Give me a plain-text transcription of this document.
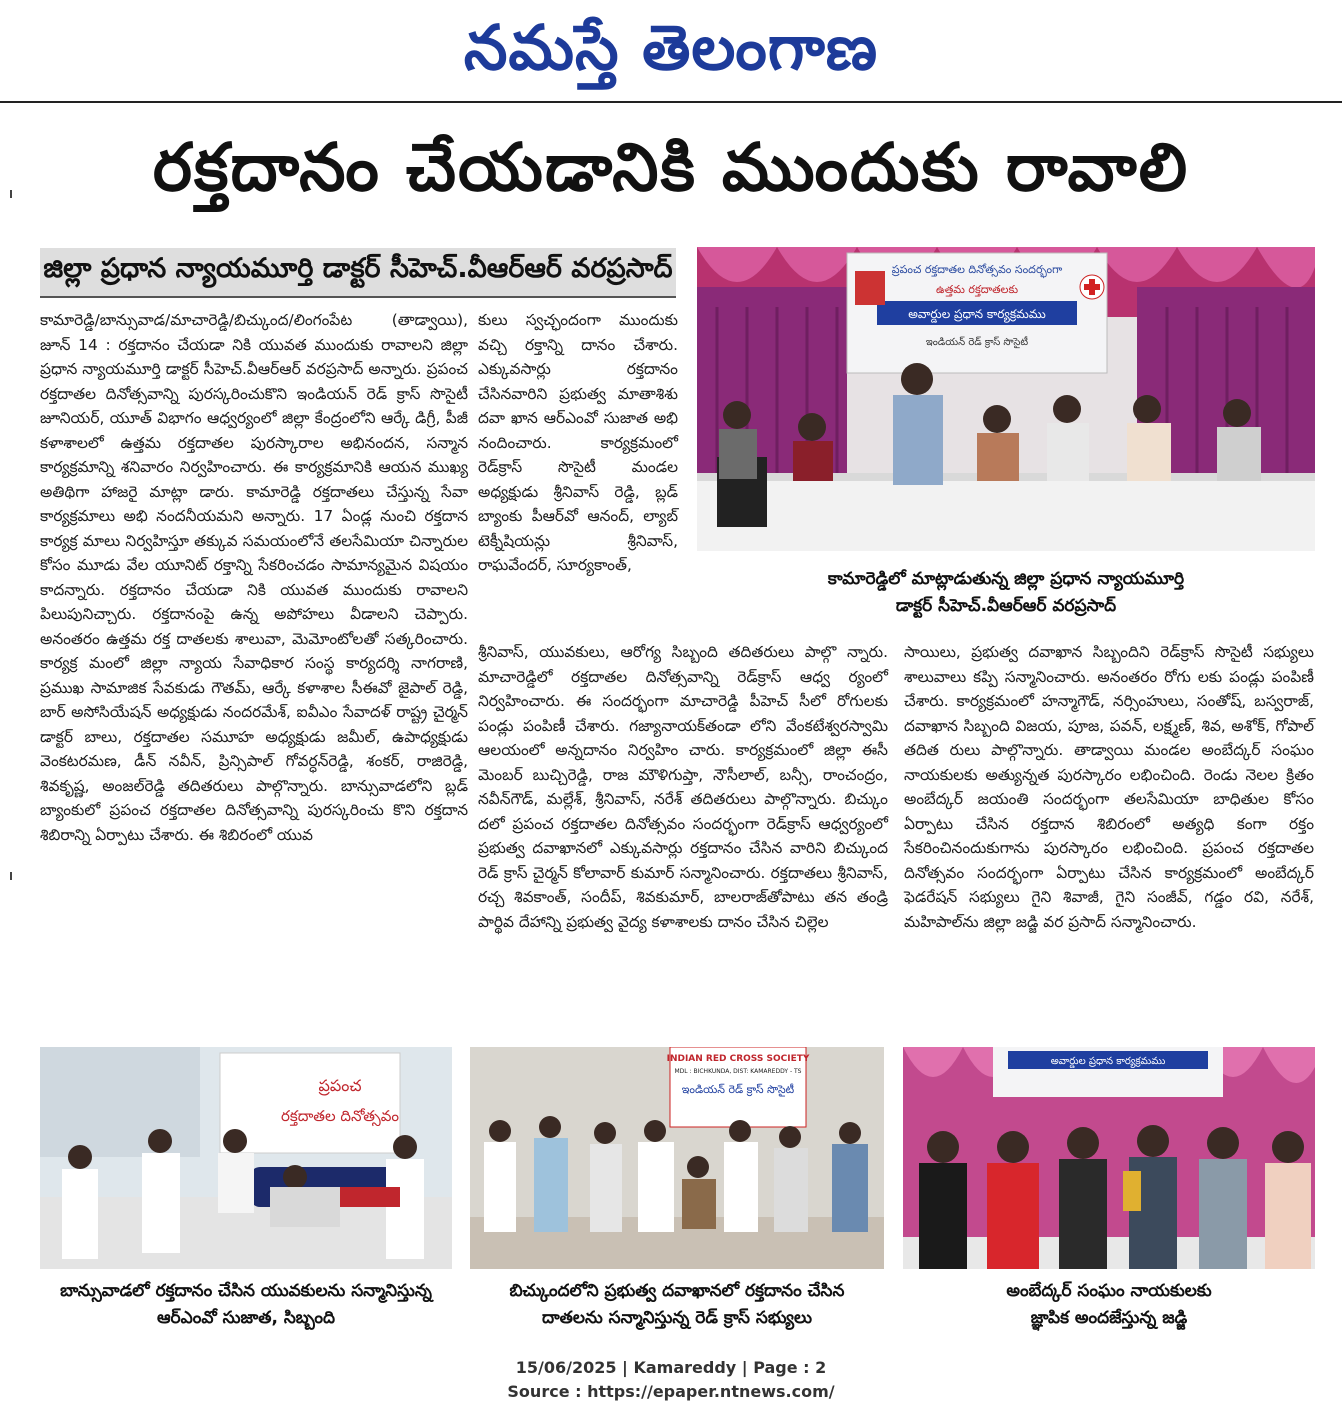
నమస్తే తెలంగాణ
రక్తదానం చేయడానికి ముందుకు రావాలి
జిల్లా ప్రధాన న్యాయమూర్తి డాక్టర్ సీహెచ్.వీఆర్ఆర్ వరప్రసాద్

కామారెడ్డి/బాన్సువాడ/మాచారెడ్డి/బిచ్కుంద/లింగంపేట (తాడ్వాయి), జూన్ 14 : రక్తదానం చేయడా నికి యువత ముందుకు రావాలని జిల్లా ప్రధాన న్యాయమూర్తి డాక్టర్ సీహెచ్.వీఆర్ఆర్ వరప్రసాద్ అన్నారు. ప్రపంచ రక్తదాతల దినోత్సవాన్ని పురస్కరించుకొని ఇండియన్ రెడ్ క్రాస్ సొసైటీ జూనియర్, యూత్ విభాగం ఆధ్వర్యంలో జిల్లా కేంద్రంలోని ఆర్కే డిగ్రీ, పీజీ కళాశాలలో ఉత్తమ రక్తదాతల పురస్కారాల అభినందన, సన్మాన కార్యక్రమాన్ని శనివారం నిర్వహించారు. ఈ కార్యక్రమానికి ఆయన ముఖ్య అతిథిగా హాజరై మాట్లా డారు. కామారెడ్డి రక్తదాతలు చేస్తున్న సేవా కార్యక్రమాలు అభి నందనీయమని అన్నారు. 17 ఏండ్ల నుంచి రక్తదాన కార్యక్ర మాలు నిర్వహిస్తూ తక్కువ సమయంలోనే తలసేమియా చిన్నారుల కోసం మూడు వేల యూనిట్ రక్తాన్ని సేకరించడం సామాన్యమైన విషయం కాదన్నారు. రక్తదానం చేయడా నికి యువత ముందుకు రావాలని పిలుపునిచ్చారు. రక్తదానంపై ఉన్న అపోహలు వీడాలని చెప్పారు. అనంతరం ఉత్తమ రక్త దాతలకు శాలువా, మెమోంటోలతో సత్కరించారు. కార్యక్ర మంలో జిల్లా న్యాయ సేవాధికార సంస్థ కార్యదర్శి నాగరాణి, ప్రముఖ సామాజిక సేవకుడు గౌతమ్, ఆర్కే కళాశాల సీఈవో జైపాల్ రెడ్డి, బార్ అసోసియేషన్ అధ్యక్షుడు నందరమేశ్, ఐవీఎం సేవాదళ్ రాష్ట్ర చైర్మన్ డాక్టర్ బాలు, రక్తదాతల సమూహ అధ్యక్షుడు జమీల్, ఉపాధ్యక్షుడు వెంకటరమణ, డీన్ నవీన్, ప్రిన్సిపాల్ గోవర్ధన్‌రెడ్డి, శంకర్, రాజిరెడ్డి, శివకృష్ణ, అంజల్‌రెడ్డి తదితరులు పాల్గొన్నారు. బాన్సువాడలోని బ్లడ్ బ్యాంకులో ప్రపంచ రక్తదాతల దినోత్సవాన్ని పురస్కరించు కొని రక్తదాన శిబిరాన్ని ఏర్పాటు చేశారు. ఈ శిబిరంలో యువ

కులు స్వచ్ఛందంగా ముందుకు వచ్చి రక్తాన్ని దానం చేశారు. ఎక్కువసార్లు రక్తదానం చేసినవారిని ప్రభుత్వ మాతాశిశు దవా ఖాన ఆర్‌ఎంవో సుజాత అభి నందించారు. కార్యక్రమంలో రెడ్‌క్రాస్ సొసైటీ మండల అధ్యక్షుడు శ్రీనివాస్ రెడ్డి, బ్లడ్ బ్యాంకు పీఆర్‌వో ఆనంద్, ల్యాబ్ టెక్నీషియన్లు శ్రీనివాస్, రాఘవేందర్, సూర్యకాంత్,

శ్రీనివాస్, యువకులు, ఆరోగ్య సిబ్బంది తదితరులు పాల్గొ న్నారు. మాచారెడ్డిలో రక్తదాతల దినోత్సవాన్ని రెడ్‌క్రాస్ ఆధ్వ ర్యంలో నిర్వహించారు. ఈ సందర్భంగా మాచారెడ్డి పీహెచ్ సీలో రోగులకు పండ్లు పంపిణీ చేశారు. గజ్యానాయక్‌తండా లోని వేంకటేశ్వరస్వామి ఆలయంలో అన్నదానం నిర్వహిం చారు. కార్యక్రమంలో జిల్లా ఈసీ మెంబర్ బుచ్చిరెడ్డి, రాజ మౌళిగుప్తా, నౌసీలాల్, బన్సీ, రాంచంద్రం, నవీన్‌గౌడ్, మల్లేశ్, శ్రీనివాస్, నరేశ్ తదితరులు పాల్గొన్నారు. బిచ్కుం దలో ప్రపంచ రక్తదాతల దినోత్సవం సందర్భంగా రెడ్‌క్రాస్ ఆధ్వర్యంలో ప్రభుత్వ దవాఖానలో ఎక్కువసార్లు రక్తదానం చేసిన వారిని బిచ్కుంద రెడ్ క్రాస్ చైర్మన్ కోలావార్ కుమార్ సన్మానించారు. రక్తదాతలు శ్రీనివాస్, రచ్చ శివకాంత్, సందీప్, శివకుమార్, బాలరాజ్‌తోపాటు తన తండ్రి పార్థివ దేహాన్ని ప్రభుత్వ వైద్య కళాశాలకు దానం చేసిన చిల్లెల

సాయిలు, ప్రభుత్వ దవాఖాన సిబ్బందిని రెడ్‌క్రాస్ సొసైటీ సభ్యులు శాలువాలు కప్పి సన్మానించారు. అనంతరం రోగు లకు పండ్లు పంపిణీ చేశారు. కార్యక్రమంలో హన్మాగౌడ్, నర్సింహులు, సంతోష్, బస్వరాజ్, దవాఖాన సిబ్బంది విజయ, పూజ, పవన్, లక్ష్మణ్, శివ, అశోక్, గోపాల్ తదిత రులు పాల్గొన్నారు. తాడ్వాయి మండల అంబేద్కర్ సంఘం నాయకులకు అత్యున్నత పురస్కారం లభించింది. రెండు నెలల క్రితం అంబేద్కర్ జయంతి సందర్భంగా తలసేమియా బాధితుల కోసం ఏర్పాటు చేసిన రక్తదాన శిబిరంలో అత్యధి కంగా రక్తం సేకరించినందుకుగాను పురస్కారం లభించింది. ప్రపంచ రక్తదాతల దినోత్సవం సందర్భంగా ఏర్పాటు చేసిన కార్యక్రమంలో అంబేద్కర్ ఫెడరేషన్ సభ్యులు గైని శివాజీ, గైని సంజీవ్, గడ్డం రవి, నరేశ్, మహిపాల్‌ను జిల్లా జడ్జి వర ప్రసాద్ సన్మానించారు.

ప్రపంచ రక్తదాతల దినోత్సవం సందర్భంగా
ఉత్తమ రక్తదాతలకు
అవార్డుల ప్రధాన కార్యక్రమము
ఇండియన్ రెడ్ క్రాస్ సొసైటీ
కామారెడ్డిలో మాట్లాడుతున్న జిల్లా ప్రధాన న్యాయమూర్తి
డాక్టర్ సీహెచ్.వీఆర్ఆర్ వరప్రసాద్
ప్రపంచ
రక్తదాతల దినోత్సవం
బాన్సువాడలో రక్తదానం చేసిన యువకులను సన్మానిస్తున్న
ఆర్ఎంవో సుజాత, సిబ్బంది
INDIAN RED CROSS SOCIETY
MDL : BICHKUNDA, DIST: KAMAREDDY - TS
ఇండియన్ రెడ్ క్రాస్ సొసైటీ
బిచ్కుందలోని ప్రభుత్వ దవాఖానలో రక్తదానం చేసిన
దాతలను సన్మానిస్తున్న రెడ్ క్రాస్ సభ్యులు
అవార్డుల ప్రధాన కార్యక్రమము
అంబేద్కర్ సంఘం నాయకులకు
జ్ఞాపిక అందజేస్తున్న జడ్జి
15/06/2025 | Kamareddy | Page : 2
Source : https://epaper.ntnews.com/
